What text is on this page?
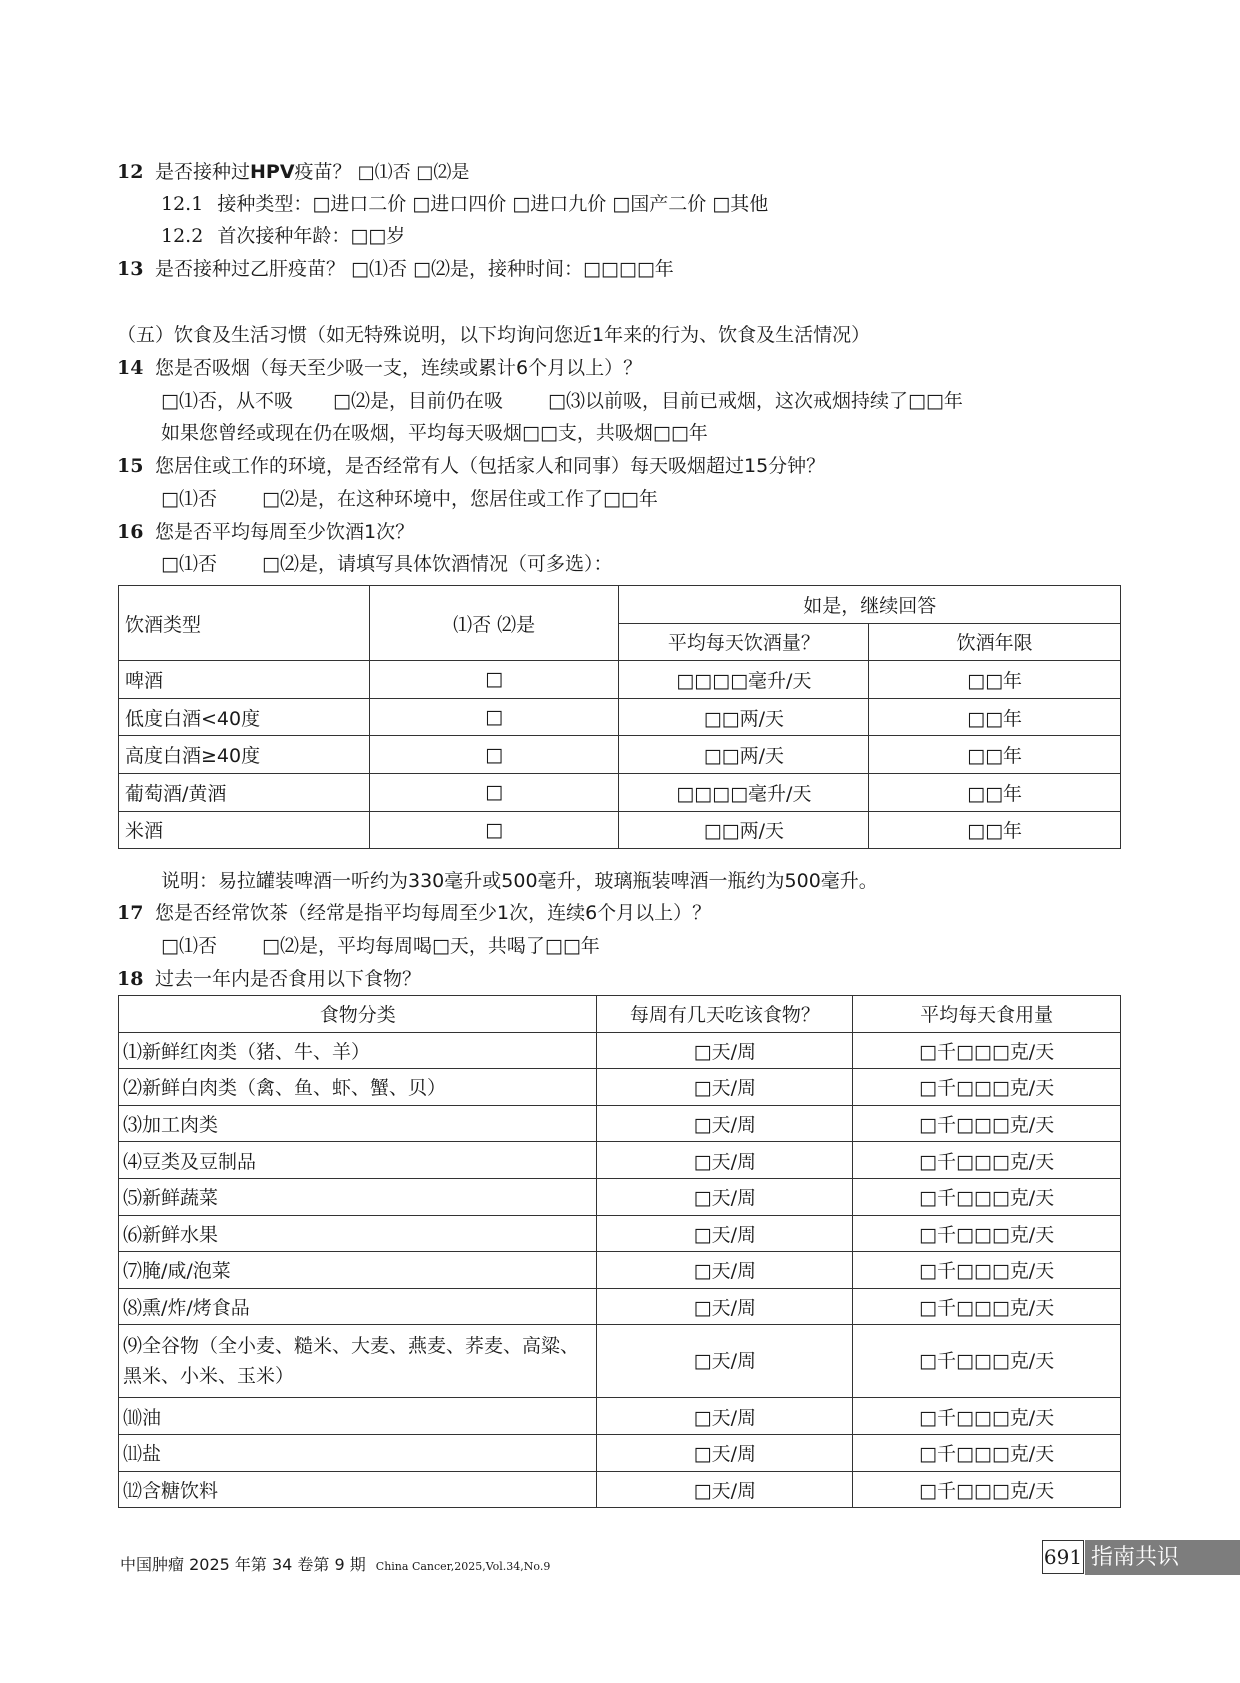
12 是否接种过HPV疫苗？ □⑴否 □⑵是
12.1 接种类型：□进口二价 □进口四价 □进口九价 □国产二价 □其他
12.2 首次接种年龄：□□岁
13 是否接种过乙肝疫苗？ □⑴否 □⑵是，接种时间：□□□□年
（五）饮食及生活习惯（如无特殊说明，以下均询问您近1年来的行为、饮食及生活情况）
14 您是否吸烟（每天至少吸一支，连续或累计6个月以上）？
□⑴否，从不吸 □⑵是，目前仍在吸 □⑶以前吸，目前已戒烟，这次戒烟持续了□□年
如果您曾经或现在仍在吸烟，平均每天吸烟□□支，共吸烟□□年
15 您居住或工作的环境，是否经常有人（包括家人和同事）每天吸烟超过15分钟？
□⑴否 □⑵是，在这种环境中，您居住或工作了□□年
16 您是否平均每周至少饮酒1次？
□⑴否 □⑵是，请填写具体饮酒情况（可多选）：
饮酒类型	⑴否 ⑵是	如是，继续回答	
		平均每天饮酒量？	饮酒年限
啤酒	□	□□□□毫升/天	□□年
低度白酒<40度	□	□□两/天	□□年
高度白酒≥40度	□	□□两/天	□□年
葡萄酒/黄酒	□	□□□□毫升/天	□□年
米酒	□	□□两/天	□□年
说明：易拉罐装啤酒一听约为330毫升或500毫升，玻璃瓶装啤酒一瓶约为500毫升。
17 您是否经常饮茶（经常是指平均每周至少1次，连续6个月以上）？
□⑴否 □⑵是，平均每周喝□天，共喝了□□年
18 过去一年内是否食用以下食物？
食物分类	每周有几天吃该食物？	平均每天食用量
⑴新鲜红肉类（猪、牛、羊）	□天/周	□千□□□克/天
⑵新鲜白肉类（禽、鱼、虾、蟹、贝）	□天/周	□千□□□克/天
⑶加工肉类	□天/周	□千□□□克/天
⑷豆类及豆制品	□天/周	□千□□□克/天
⑸新鲜蔬菜	□天/周	□千□□□克/天
⑹新鲜水果	□天/周	□千□□□克/天
⑺腌/咸/泡菜	□天/周	□千□□□克/天
⑻熏/炸/烤食品	□天/周	□千□□□克/天

⑼全谷物（全小麦、糙米、大麦、燕麦、荞麦、高粱、
黑米、小米、玉米）	□天/周	□千□□□克/天
⑽油	□天/周	□千□□□克/天
⑾盐	□天/周	□千□□□克/天
⑿含糖饮料	□天/周	□千□□□克/天
中国肿瘤 2025 年第 34 卷第 9 期 China Cancer,2025,Vol.34,No.9	691 指南共识
